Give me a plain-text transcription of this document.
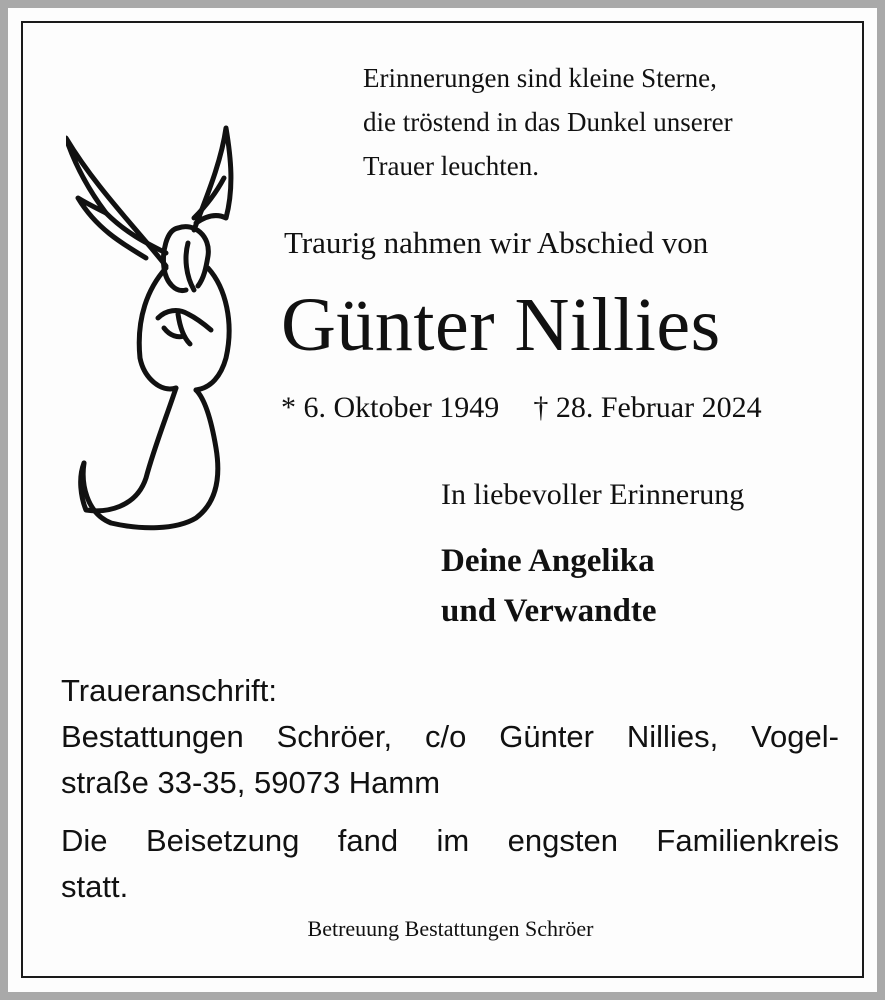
Erinnerungen sind kleine Sterne,
die tröstend in das Dunkel unserer
Trauer leuchten.

Traurig nahmen wir Abschied von
Günter Nillies
* 6. Oktober 1949 † 28. Februar 2024
In liebevoller Erinnerung
Deine Angelika
und Verwandte
Traueranschrift:
Bestattungen Schröer, c/o Günter Nillies, Vogel-
straße 33-35, 59073 Hamm
Die Beisetzung fand im engsten Familienkreis
statt.
Betreuung Bestattungen Schröer
